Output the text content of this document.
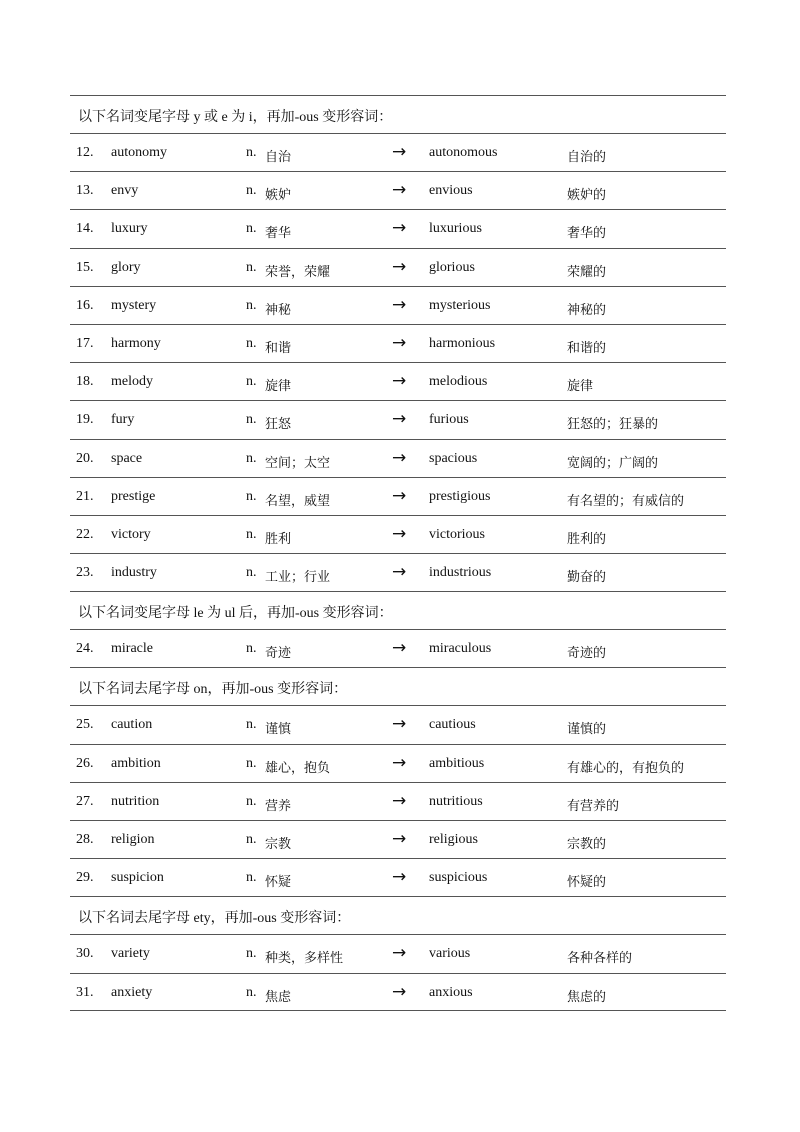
以下名词变尾字母 y 或 e 为 i，再加-ous 变形容词：
12. autonomy	n. 自治	→ autonomous	自治的
13. envy	n. 嫉妒	→ envious	嫉妒的
14. luxury	n. 奢华	→ luxurious	奢华的
15. glory	n. 荣誉，荣耀	→ glorious	荣耀的
16. mystery	n. 神秘	→ mysterious	神秘的
17. harmony	n. 和谐	→ harmonious	和谐的
18. melody	n. 旋律	→ melodious	旋律
19. fury	n. 狂怒	→ furious	狂怒的；狂暴的
20. space	n. 空间；太空	→ spacious	宽阔的；广阔的
21. prestige	n. 名望，威望	→ prestigious	有名望的；有威信的
22. victory	n. 胜利	→ victorious	胜利的
23. industry	n. 工业；行业	→ industrious	勤奋的
以下名词变尾字母 le 为 ul 后，再加-ous 变形容词：
24. miracle	n. 奇迹	→ miraculous	奇迹的
以下名词去尾字母 on，再加-ous 变形容词：
25. caution	n. 谨慎	→ cautious	谨慎的
26. ambition	n. 雄心，抱负	→ ambitious	有雄心的，有抱负的
27. nutrition	n. 营养	→ nutritious	有营养的
28. religion	n. 宗教	→ religious	宗教的
29. suspicion	n. 怀疑	→ suspicious	怀疑的
以下名词去尾字母 ety，再加-ous 变形容词：
30. variety	n. 种类，多样性	→ various	各种各样的
31. anxiety	n. 焦虑	→ anxious	焦虑的
